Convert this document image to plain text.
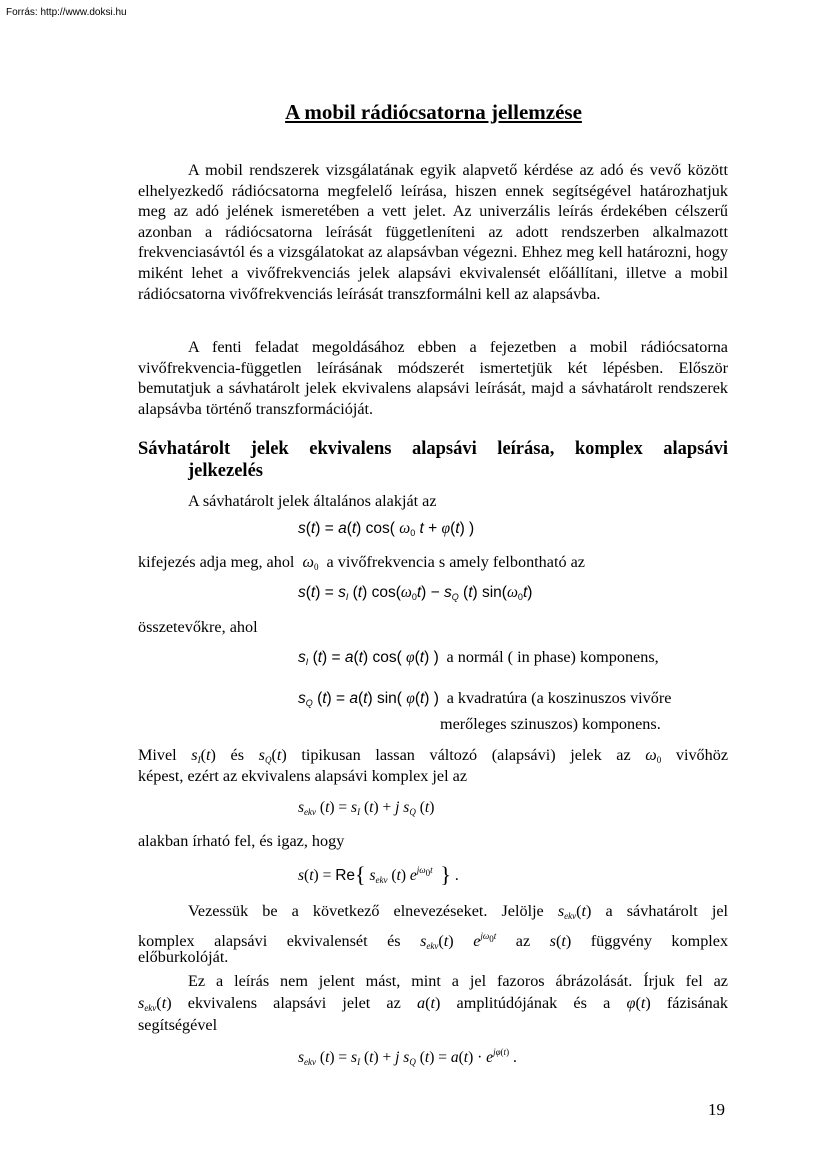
Forrás: http://www.doksi.hu
A mobil rádiócsatorna jellemzése
A mobil rendszerek vizsgálatának egyik alapvető kérdése az adó és vevő között elhelyezkedő rádiócsatorna megfelelő leírása, hiszen ennek segítségével határozhatjuk meg az adó jelének ismeretében a vett jelet. Az univerzális leírás érdekében célszerű azonban a rádiócsatorna leírását függetleníteni az adott rendszerben alkalmazott frekvenciasávtól és a vizsgálatokat az alapsávban végezni. Ehhez meg kell határozni, hogy miként lehet a vivőfrekvenciás jelek alapsávi ekvivalensét előállítani, illetve a mobil rádiócsatorna vivőfrekvenciás leírását transzformálni kell az alapsávba.
A fenti feladat megoldásához ebben a fejezetben a mobil rádiócsatorna vivőfrekvencia-független leírásának módszerét ismertetjük két lépésben. Először bemutatjuk a sávhatárolt jelek ekvivalens alapsávi leírását, majd a sávhatárolt rendszerek alapsávba történő transzformációját.
Sávhatárolt jelek ekvivalens alapsávi leírása, komplex alapsávi
jelkezelés
A sávhatárolt jelek általános alakját az
s(t) = a(t) cos( $\omega_0$ t + φ(t) )
kifejezés adja meg, ahol $\omega_0$ a vivőfrekvencia s amely felbontható az
$s(t) = s_I$ (t) $\cos(\omega_0t) - s_Q$ (t) $\sin(\omega_0t)$
összetevőkre, ahol
$s_I$ (t) = a(t) cos( φ(t) ) a normál ( in phase) komponens,
$s_Q$ (t) = a(t) sin( φ(t) ) a kvadratúra (a koszinuszos vivőre
merőleges szinuszos) komponens.
Mivel $s_I(t)$ és $s_Q(t)$ tipikusan lassan változó (alapsávi) jelek az $\omega_0$ vivőhöz
képest, ezért az ekvivalens alapsávi komplex jel az
$s_{ekv}$ $(t) = s_I$ (t) + j $s_Q$ (t)
alakban írható fel, és igaz, hogy
s(t) = Re{ $s_{ekv}$ (t) $e^{j\omega_0t}$ } .
Vezessük be a következő elnevezéseket. Jelölje $s_{ekv}(t)$ a sávhatárolt jel
komplex alapsávi ekvivalensét és $s_{ekv}(t)$ $e^{j\omega_0t}$ az s(t) függvény komplex
előburkolóját.
Ez a leírás nem jelent mást, mint a jel fazoros ábrázolását. Írjuk fel az
$s_{ekv}(t)$ ekvivalens alapsávi jelet az a(t) amplitúdójának és a φ(t) fázisának
segítségével
$s_{ekv}$ $(t) = s_I$ (t) + j $s_Q$ $(t) = a(t) \cdot e^{j\varphi(t)}$ .
19
